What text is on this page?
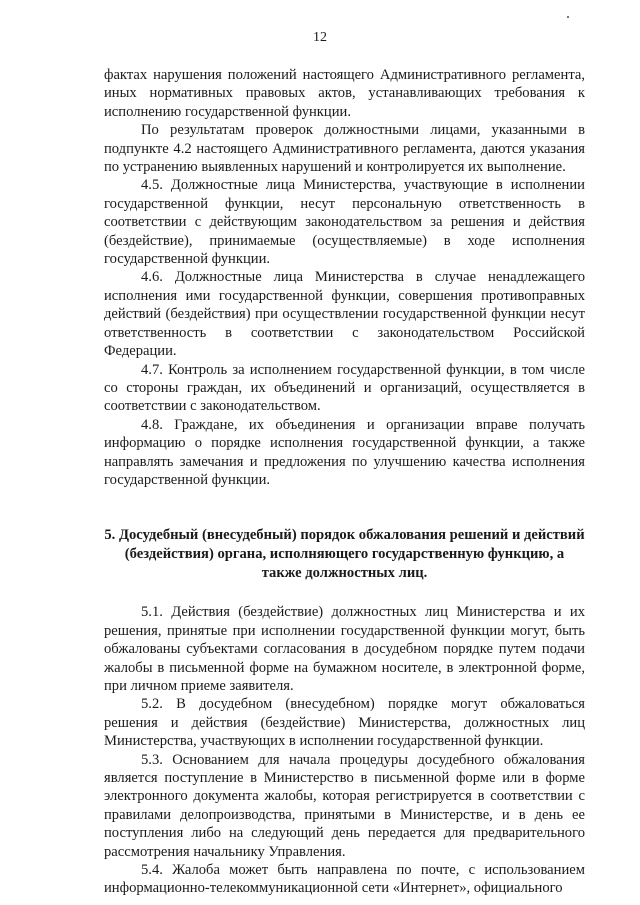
12

фактах нарушения положений настоящего Административного регламента, иных нормативных правовых актов, устанавливающих требования к исполнению государственной функции.

По результатам проверок должностными лицами, указанными в подпункте 4.2 настоящего Административного регламента, даются указания по устранению выявленных нарушений и контролируется их выполнение.

4.5. Должностные лица Министерства, участвующие в исполнении государственной функции, несут персональную ответственность в соответствии с действующим законодательством за решения и действия (бездействие), принимаемые (осуществляемые) в ходе исполнения государственной функции.

4.6. Должностные лица Министерства в случае ненадлежащего исполнения ими государственной функции, совершения противоправных действий (бездействия) при осуществлении государственной функции несут ответственность в соответствии с законодательством Российской Федерации.

4.7. Контроль за исполнением государственной функции, в том числе со стороны граждан, их объединений и организаций, осуществляется в соответствии с законодательством.

4.8. Граждане, их объединения и организации вправе получать информацию о порядке исполнения государственной функции, а также направлять замечания и предложения по улучшению качества исполнения государственной функции.

5. Досудебный (внесудебный) порядок обжалования решений и действий (бездействия) органа, исполняющего государственную функцию, а также должностных лиц.

5.1. Действия (бездействие) должностных лиц Министерства и их решения, принятые при исполнении государственной функции могут, быть обжалованы субъектами согласования в досудебном порядке путем подачи жалобы в письменной форме на бумажном носителе, в электронной форме, при личном приеме заявителя.

5.2. В досудебном (внесудебном) порядке могут обжаловаться решения и действия (бездействие) Министерства, должностных лиц Министерства, участвующих в исполнении государственной функции.

5.3. Основанием для начала процедуры досудебного обжалования является поступление в Министерство в письменной форме или в форме электронного документа жалобы, которая регистрируется в соответствии с правилами делопроизводства, принятыми в Министерстве, и в день ее поступления либо на следующий день передается для предварительного рассмотрения начальнику Управления.

5.4. Жалоба может быть направлена по почте, с использованием информационно-телекоммуникационной сети «Интернет», официального
